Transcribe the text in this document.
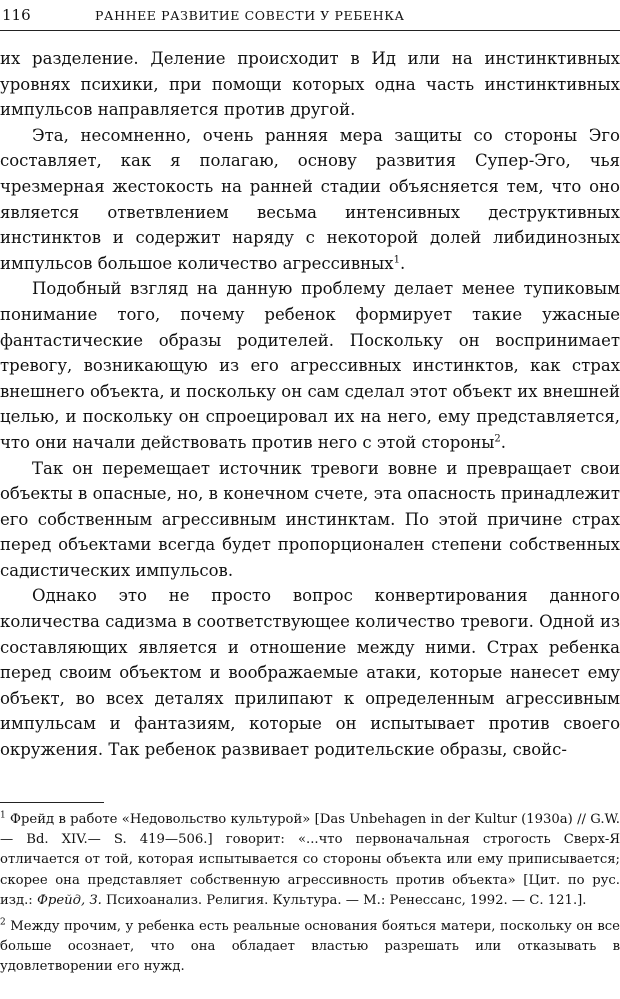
116	РАННЕЕ РАЗВИТИЕ СОВЕСТИ У РЕБЕНКА

их разделение. Деление происходит в Ид или на инстинктивных уровнях психики, при помощи которых одна часть инстинктивных импульсов направляется против другой.

Эта, несомненно, очень ранняя мера защиты со стороны Эго составляет, как я полагаю, основу развития Супер-Эго, чья чрезмерная жестокость на ранней стадии объясняется тем, что оно является ответвлением весьма интенсивных деструктивных инстинктов и содержит наряду с некоторой долей либидинозных импульсов большое количество агрессивных$^1$.

Подобный взгляд на данную проблему делает менее тупиковым понимание того, почему ребенок формирует такие ужасные фантастические образы родителей. Поскольку он воспринимает тревогу, возникающую из его агрессивных инстинктов, как страх внешнего объекта, и поскольку он сам сделал этот объект их внешней целью, и поскольку он спроецировал их на него, ему представляется, что они начали действовать против него с этой стороны$^2$.

Так он перемещает источник тревоги вовне и превращает свои объекты в опасные, но, в конечном счете, эта опасность принадлежит его собственным агрессивным инстинктам. По этой причине страх перед объектами всегда будет пропорционален степени собственных садистических импульсов.

Однако это не просто вопрос конвертирования данного количества садизма в соответствующее количество тревоги. Одной из составляющих является и отношение между ними. Страх ребенка перед своим объектом и воображаемые атаки, которые нанесет ему объект, во всех деталях прилипают к определенным агрессивным импульсам и фантазиям, которые он испытывает против своего окружения. Так ребенок развивает родительские образы, свойс-

$^1$ Фрейд в работе «Недовольство культурой» [Das Unbehagen in der Kultur (1930a) // G.W. — Bd. XIV.— S. 419—506.] говорит: «...что первоначальная строгость Сверх-Я отличается от той, которая испытывается со стороны объекта или ему приписывается; скорее она представляет собственную агрессивность против объекта» [Цит. по рус. изд.: Фрейд, З. Психоанализ. Религия. Культура. — М.: Ренессанс, 1992. — С. 121.].

$^2$ Между прочим, у ребенка есть реальные основания бояться матери, поскольку он все больше осознает, что она обладает властью разрешать или отказывать в удовлетворении его нужд.
